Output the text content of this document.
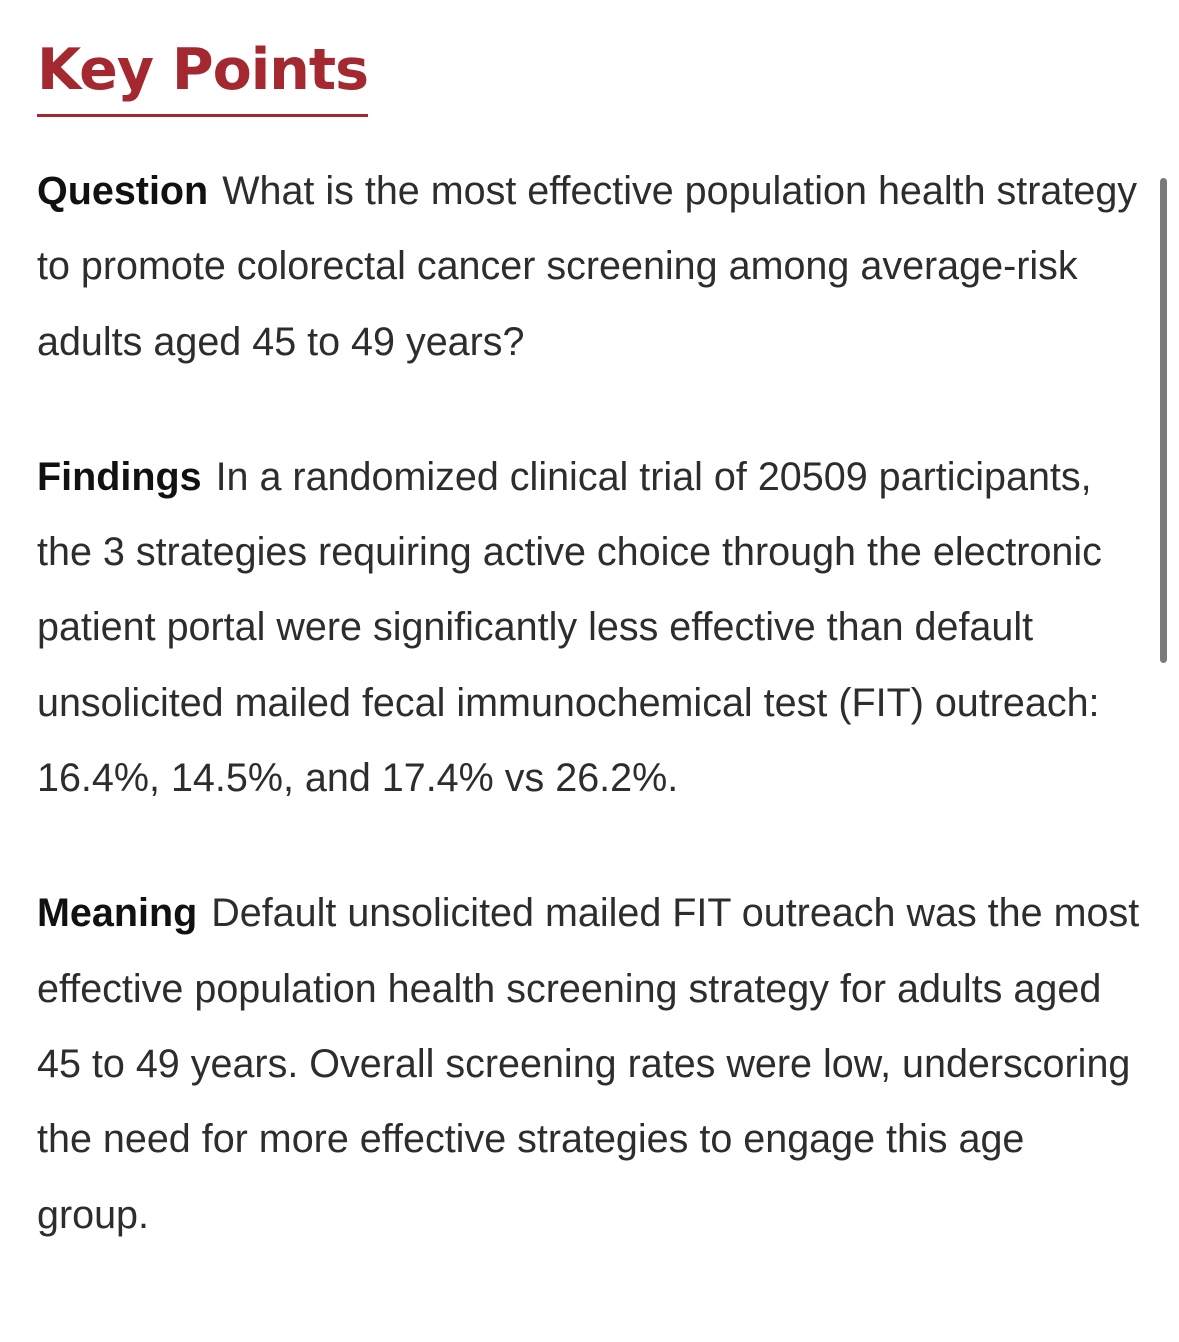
Key Points

Question What is the most effective population health strategy to promote colorectal cancer screening among average-risk adults aged 45 to 49 years?

Findings In a randomized clinical trial of 20509 participants, the 3 strategies requiring active choice through the electronic patient portal were significantly less effective than default unsolicited mailed fecal immunochemical test (FIT) outreach: 16.4%, 14.5%, and 17.4% vs 26.2%.

Meaning Default unsolicited mailed FIT outreach was the most effective population health screening strategy for adults aged 45 to 49 years. Overall screening rates were low, underscoring the need for more effective strategies to engage this age group.
